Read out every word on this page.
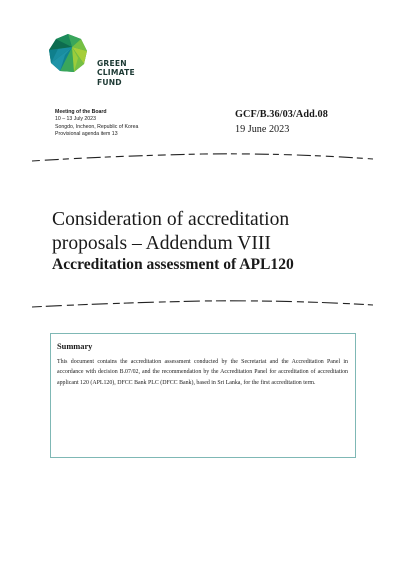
GREEN
CLIMATE
FUND
Meeting of the Board
10 – 13 July 2023
Songdo, Incheon, Republic of Korea
Provisional agenda item 13
GCF/B.36/03/Add.08
19 June 2023
Consideration of accreditation
proposals – Addendum VIII
Accreditation assessment of APL120
Summary
This document contains the accreditation assessment conducted by the Secretariat and the Accreditation Panel in accordance with decision B.07/02, and the recommendation by the Accreditation Panel for accreditation of accreditation applicant 120 (APL120), DFCC Bank PLC (DFCC Bank), based in Sri Lanka, for the first accreditation term.
